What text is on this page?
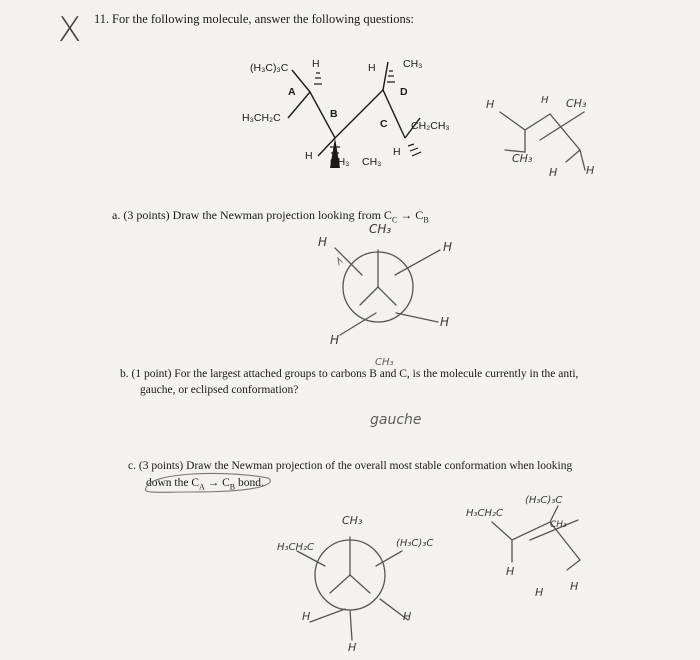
X 11. For the following molecule, answer the following questions:
(H₃C)₃C H
A
H	CH₃
D
B
C
H₃CH₂C
CH₂CH₃
H	H
CH₃ CH₃
H	H CH₃
CH₃
H	H
a. (3 points) Draw the Newman projection looking from $C_C \to C_B$
CH₃
H	H
H
H
CH₃
b. (1 point) For the largest attached groups to carbons B and C, is the molecule currently in the anti,
gauche, or eclipsed conformation?
gauche
c. (3 points) Draw the Newman projection of the overall most stable conformation when looking
down the $C_A \to C_B$ bond.
CH₃
H₃CH₂C	(H₃C)₃C
H	H
H
H₃CH₂C
(H₃C)₃C
CH₃
H
H H
